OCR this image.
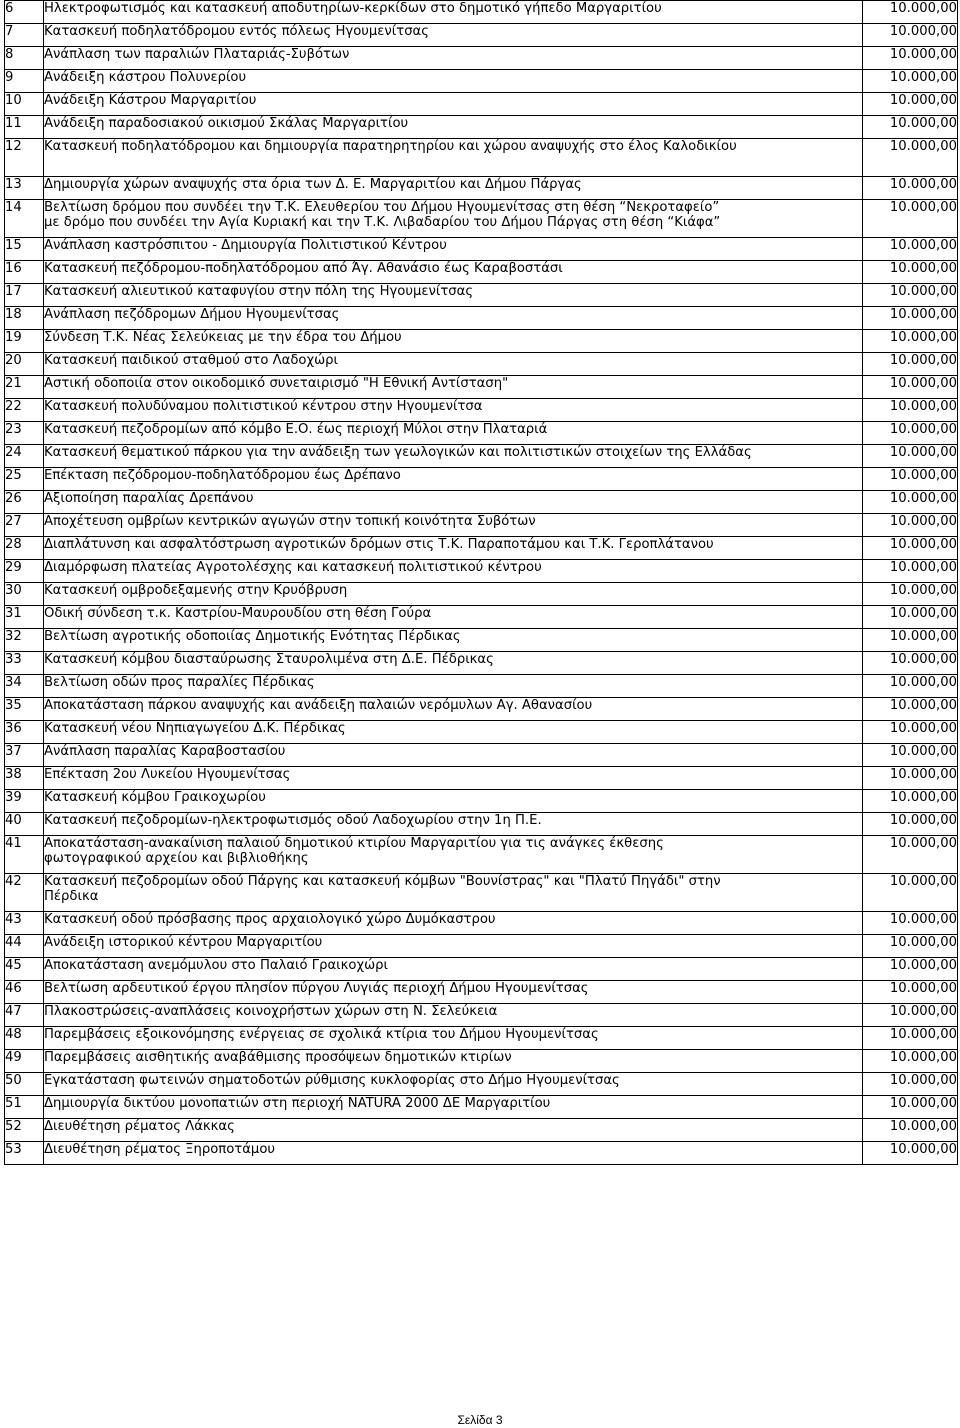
6	Ηλεκτροφωτισμός και κατασκευή αποδυτηρίων-κερκίδων στο δημοτικό γήπεδο Μαργαριτίου	10.000,00
7	Κατασκευή ποδηλατόδρομου εντός πόλεως Ηγουμενίτσας	10.000,00
8	Ανάπλαση των παραλιών Πλαταριάς-Συβότων	10.000,00
9	Ανάδειξη κάστρου Πολυνερίου	10.000,00
10	Ανάδειξη Κάστρου Μαργαριτίου	10.000,00
11	Ανάδειξη παραδοσιακού οικισμού Σκάλας Μαργαριτίου	10.000,00
12	Κατασκευή ποδηλατόδρομου και δημιουργία παρατηρητηρίου και χώρου αναψυχής στο έλος Καλοδικίου	10.000,00
13	Δημιουργία χώρων αναψυχής στα όρια των Δ. Ε. Μαργαριτίου και Δήμου Πάργας	10.000,00
14	Βελτίωση δρόμου που συνδέει την Τ.Κ. Ελευθερίου του Δήμου Ηγουμενίτσας στη θέση “Νεκροταφείο”
με δρόμο που συνδέει την Αγία Κυριακή και την Τ.Κ. Λιβαδαρίου του Δήμου Πάργας στη θέση “Κιάφα”	10.000,00
15	Ανάπλαση καστρόσπιτου - Δημιουργία Πολιτιστικού Κέντρου	10.000,00
16	Κατασκευή πεζόδρομου-ποδηλατόδρομου από Άγ. Αθανάσιο έως Καραβοστάσι	10.000,00
17	Κατασκευή αλιευτικού καταφυγίου στην πόλη της Ηγουμενίτσας	10.000,00
18	Ανάπλαση πεζόδρομων Δήμου Ηγουμενίτσας	10.000,00
19	Σύνδεση Τ.Κ. Νέας Σελεύκειας με την έδρα του Δήμου	10.000,00
20	Κατασκευή παιδικού σταθμού στο Λαδοχώρι	10.000,00
21	Αστική οδοποιία στον οικοδομικό συνεταιρισμό "Η Εθνική Αντίσταση"	10.000,00
22	Κατασκευή πολυδύναμου πολιτιστικού κέντρου στην Ηγουμενίτσα	10.000,00
23	Κατασκευή πεζοδρομίων από κόμβο Ε.Ο. έως περιοχή Μύλοι στην Πλαταριά	10.000,00
24	Κατασκευή θεματικού πάρκου για την ανάδειξη των γεωλογικών και πολιτιστικών στοιχείων της Ελλάδας	10.000,00
25	Επέκταση πεζόδρομου-ποδηλατόδρομου έως Δρέπανο	10.000,00
26	Αξιοποίηση παραλίας Δρεπάνου	10.000,00
27	Αποχέτευση ομβρίων κεντρικών αγωγών στην τοπική κοινότητα Συβότων	10.000,00
28	Διαπλάτυνση και ασφαλτόστρωση αγροτικών δρόμων στις Τ.Κ. Παραποτάμου και Τ.Κ. Γεροπλάτανου	10.000,00
29	Διαμόρφωση πλατείας Αγροτολέσχης και κατασκευή πολιτιστικού κέντρου	10.000,00
30	Κατασκευή ομβροδεξαμενής στην Κρυόβρυση	10.000,00
31	Οδική σύνδεση τ.κ. Καστρίου-Μαυρουδίου στη θέση Γούρα	10.000,00
32	Βελτίωση αγροτικής οδοποιίας Δημοτικής Ενότητας Πέρδικας	10.000,00
33	Κατασκευή κόμβου διασταύρωσης Σταυρολιμένα στη Δ.Ε. Πέδρικας	10.000,00
34	Βελτίωση οδών προς παραλίες Πέρδικας	10.000,00
35	Αποκατάσταση πάρκου αναψυχής και ανάδειξη παλαιών νερόμυλων Αγ. Αθανασίου	10.000,00
36	Κατασκευή νέου Νηπιαγωγείου Δ.Κ. Πέρδικας	10.000,00
37	Ανάπλαση παραλίας Καραβοστασίου	10.000,00
38	Επέκταση 2ου Λυκείου Ηγουμενίτσας	10.000,00
39	Κατασκευή κόμβου Γραικοχωρίου	10.000,00
40	Κατασκευή πεζοδρομίων-ηλεκτροφωτισμός οδού Λαδοχωρίου στην 1η Π.Ε.	10.000,00
41	Αποκατάσταση-ανακαίνιση παλαιού δημοτικού κτιρίου Μαργαριτίου για τις ανάγκες έκθεσης
φωτογραφικού αρχείου και βιβλιοθήκης	10.000,00
42	Κατασκευή πεζοδρομίων οδού Πάργης και κατασκευή κόμβων "Βουνίστρας" και "Πλατύ Πηγάδι" στην
Πέρδικα	10.000,00
43	Κατασκευή οδού πρόσβασης προς αρχαιολογικό χώρο Δυμόκαστρου	10.000,00
44	Ανάδειξη ιστορικού κέντρου Μαργαριτίου	10.000,00
45	Αποκατάσταση ανεμόμυλου στο Παλαιό Γραικοχώρι	10.000,00
46	Βελτίωση αρδευτικού έργου πλησίον πύργου Λυγιάς περιοχή Δήμου Ηγουμενίτσας	10.000,00
47	Πλακοστρώσεις-αναπλάσεις κοινοχρήστων χώρων στη Ν. Σελεύκεια	10.000,00
48	Παρεμβάσεις εξοικονόμησης ενέργειας σε σχολικά κτίρια του Δήμου Ηγουμενίτσας	10.000,00
49	Παρεμβάσεις αισθητικής αναβάθμισης προσόψεων δημοτικών κτιρίων	10.000,00
50	Εγκατάσταση φωτεινών σηματοδοτών ρύθμισης κυκλοφορίας στο Δήμο Ηγουμενίτσας	10.000,00
51	Δημιουργία δικτύου μονοπατιών στη περιοχή NATURA 2000 ΔΕ Μαργαριτίου	10.000,00
52	Διευθέτηση ρέματος Λάκκας	10.000,00
53	Διευθέτηση ρέματος Ξηροποτάμου	10.000,00
Σελίδα 3
